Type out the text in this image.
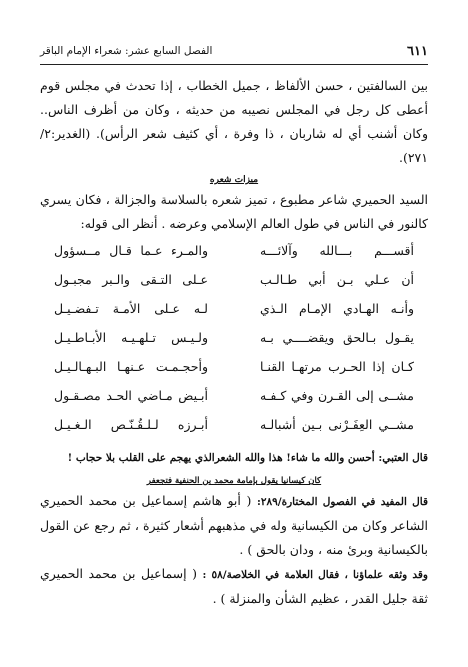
٦١١
الفصل السابع عشر: شعراء الإمام الباقر

بين السالفتين ، حسن الألفاظ ، جميل الخطاب ، إذا تحدث في مجلس قوم أعطى كل رجل في المجلس نصيبه من حديثه ، وكان من أظرف الناس.. وكان أشنب أي له شاربان ، ذا وفرة ، أي كثيف شعر الرأس). (الغدير:٢/ ٢٧١).

ميزات شعره

السيد الحميري شاعر مطبوع ، تميز شعره بالسلاسة والجزالة ، فكان يسري كالنور في الناس في طول العالم الإسلامي وعرضه . أنظر الى قوله:

أقســـم بـــالله وآلائـــه
والمـرء عـما قـال مــسؤول
أن عـلي بـن أبي طـالـب
عـلى التـقى والـبر مجبـول
وأنـه الهـادي الإمـام الـذي
لـه عـلى الأمـة تـفضـيـل
يقـول بـالحق ويقضــــي بـه
ولـيـس تـلهـيـه الأبـاطـيـل
كـان إذا الحـرب مرتهـا القنـا
وأحجـمـت عـنهـا البـهـالـيـل
مشــى إلى القـرن وفي كـفـه
أبـيض مـاضي الحـد مصـقـول
مشــي العِفَـرْنى بـين أشبالـه
أبـرزه لـلـقُـنّـص الـغـيـل

قال العتبي: أحسن والله ما شاء! هذا والله الشعرالذي يهجم على القلب بلا حجاب !

كان كيسانيا يقول بإمامة محمد بن الحنفية فتجعفر

قال المفيد في الفصول المختارة/٢٨٩: ( أبو هاشم إسماعيل بن محمد الحميري الشاعر وكان من الكيسانية وله في مذهبهم أشعار كثيرة ، ثم رجع عن القول بالكيسانية وبرئ منه ، ودان بالحق ) .

وقد وثقه علماؤنا ، فقال العلامة في الخلاصة/٥٨ : ( إسماعيل بن محمد الحميري ثقة جليل القدر ، عظيم الشأن والمنزلة ) .
